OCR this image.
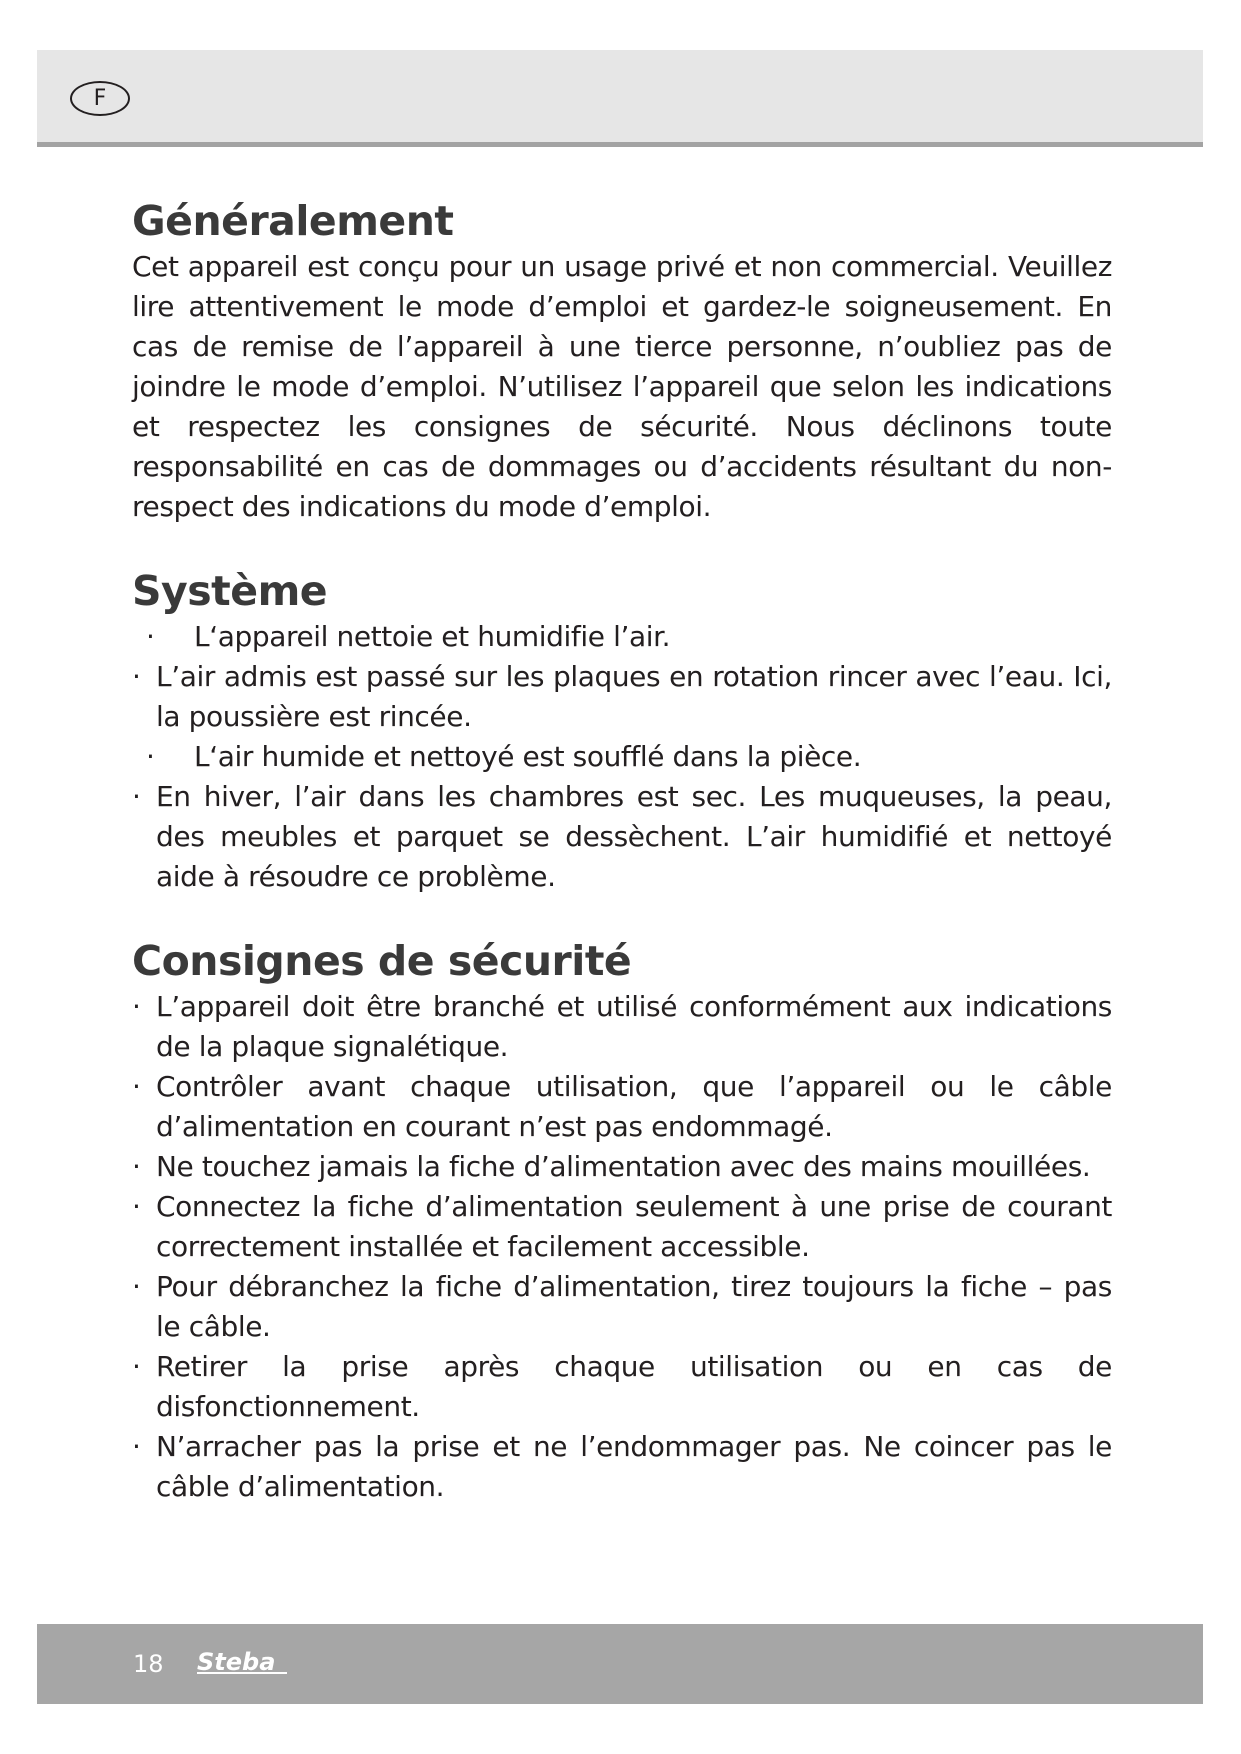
F
Généralement

Cet appareil est conçu pour un usage privé et non commercial. Veuillez lire attentivement le mode d’emploi et gardez-le soigneusement. En cas de remise de l’appareil à une tierce personne, n’oubliez pas de joindre le mode d’emploi. N’utilisez l’appareil que selon les indications et respectez les consignes de sécurité. Nous déclinons toute responsabilité en cas de dommages ou d’accidents résultant du non-respect des indications du mode d’emploi.

Système
· L‘appareil nettoie et humidifie l’air.
· L’air admis est passé sur les plaques en rotation rincer avec l’eau. Ici, la poussière est rincée.
· L‘air humide et nettoyé est soufflé dans la pièce.
· En hiver, l’air dans les chambres est sec. Les muqueuses, la peau, des meubles et parquet se dessèchent. L’air humidifié et nettoyé aide à résoudre ce problème.
Consignes de sécurité
· L’appareil doit être branché et utilisé conformément aux indications de la plaque signalétique.
· Contrôler avant chaque utilisation, que l’appareil ou le câble d’alimentation en courant n’est pas endommagé.
· Ne touchez jamais la fiche d’alimentation avec des mains mouillées.
· Connectez la fiche d’alimentation seulement à une prise de courant correctement installée et facilement accessible.
· Pour débranchez la fiche d’alimentation, tirez toujours la fiche – pas le câble.
· Retirer la prise après chaque utilisation ou en cas de disfonctionnement.
· N’arracher pas la prise et ne l’endommager pas. Ne coincer pas le câble d’alimentation.
18 Steba
